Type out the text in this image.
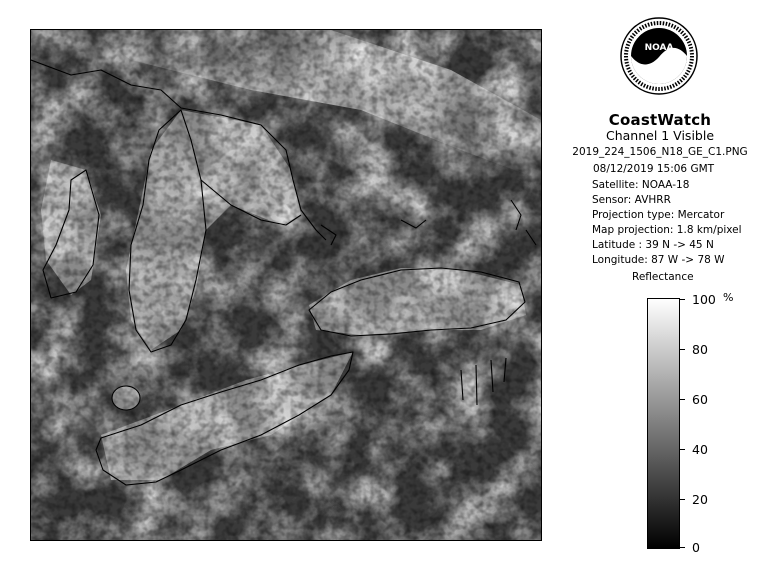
NOAA
CoastWatch
Channel 1 Visible
2019_224_1506_N18_GE_C1.PNG
08/12/2019 15:06 GMT
Satellite: NOAA-18
Sensor: AVHRR
Projection type: Mercator
Map projection: 1.8 km/pixel
Latitude : 39 N -> 45 N
Longitude: 87 W -> 78 W
Reflectance
%
100
80
60
40
20
0
